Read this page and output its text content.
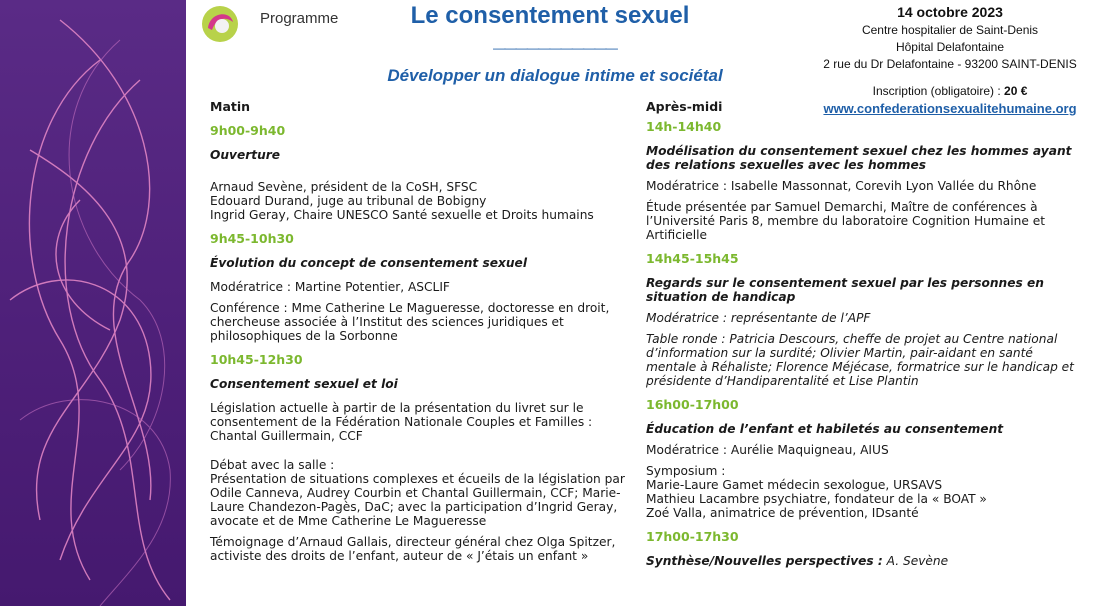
Programme	Le consentement sexuel
___________
Développer un dialogue intime et sociétal
14 octobre 2023
Centre hospitalier de Saint-Denis
Hôpital Delafontaine
2 rue du Dr Delafontaine - 93200 SAINT-DENIS
Inscription (obligatoire) : 20 €
www.confederationsexualitehumaine.org
Matin
9h00-9h40
Ouverture
Arnaud Sevène, président de la CoSH, SFSC
Edouard Durand, juge au tribunal de Bobigny
Ingrid Geray, Chaire UNESCO Santé sexuelle et Droits humains
9h45-10h30
Évolution du concept de consentement sexuel
Modératrice : Martine Potentier, ASCLIF
Conférence : Mme Catherine Le Magueresse, doctoresse en droit, chercheuse associée à l’Institut des sciences juridiques et philosophiques de la Sorbonne
10h45-12h30
Consentement sexuel et loi
Législation actuelle à partir de la présentation du livret sur le consentement de la Fédération Nationale Couples et Familles : Chantal Guillermain, CCF
Débat avec la salle :
Présentation de situations complexes et écueils de la législation par Odile Canneva, Audrey Courbin et Chantal Guillermain, CCF; Marie-Laure Chandezon-Pagès, DaC; avec la participation d’Ingrid Geray, avocate et de Mme Catherine Le Magueresse
Témoignage d’Arnaud Gallais, directeur général chez Olga Spitzer, activiste des droits de l’enfant, auteur de « J’étais un enfant »
Après-midi
14h-14h40
Modélisation du consentement sexuel chez les hommes ayant des relations sexuelles avec les hommes
Modératrice : Isabelle Massonnat, Corevih Lyon Vallée du Rhône
Étude présentée par Samuel Demarchi, Maître de conférences à l’Université Paris 8, membre du laboratoire Cognition Humaine et Artificielle
14h45-15h45
Regards sur le consentement sexuel par les personnes en situation de handicap
Modératrice : représentante de l’APF
Table ronde : Patricia Descours, cheffe de projet au Centre national d’information sur la surdité; Olivier Martin, pair-aidant en santé mentale à Réhaliste; Florence Méjécase, formatrice sur le handicap et présidente d’Handiparentalité et Lise Plantin
16h00-17h00
Éducation de l’enfant et habiletés au consentement
Modératrice : Aurélie Maquigneau, AIUS
Symposium :
Marie-Laure Gamet médecin sexologue, URSAVS
Mathieu Lacambre psychiatre, fondateur de la « BOAT »
Zoé Valla, animatrice de prévention, IDsanté
17h00-17h30
Synthèse/Nouvelles perspectives : A. Sevène
